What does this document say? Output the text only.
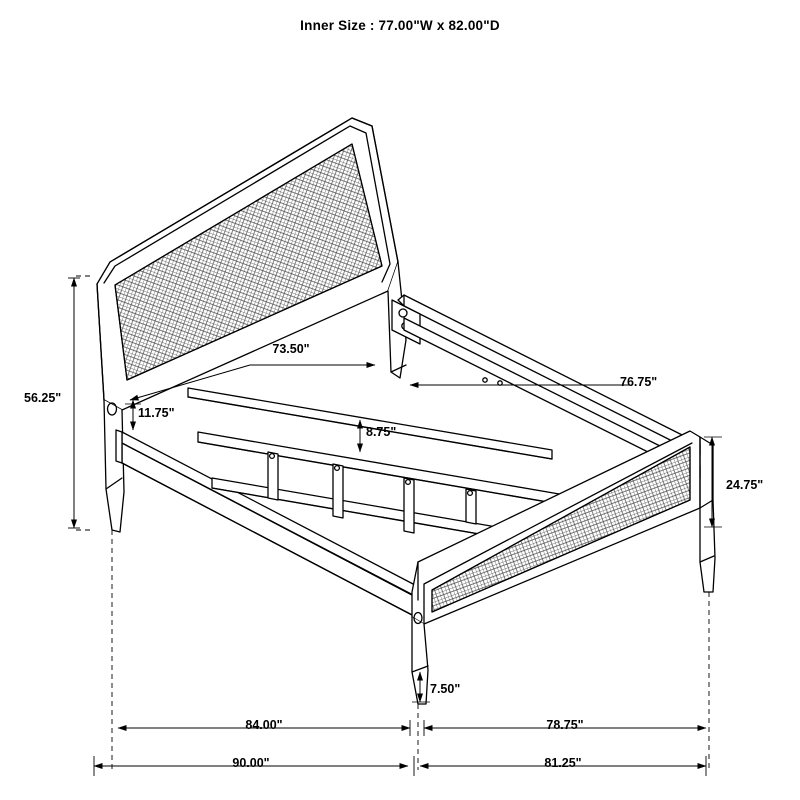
Inner Size : 77.00"W x 82.00"D
56.25"
73.50"
76.75"
11.75"
8.75"
24.75"
7.50"
84.00"	78.75"
90.00"	81.25"
